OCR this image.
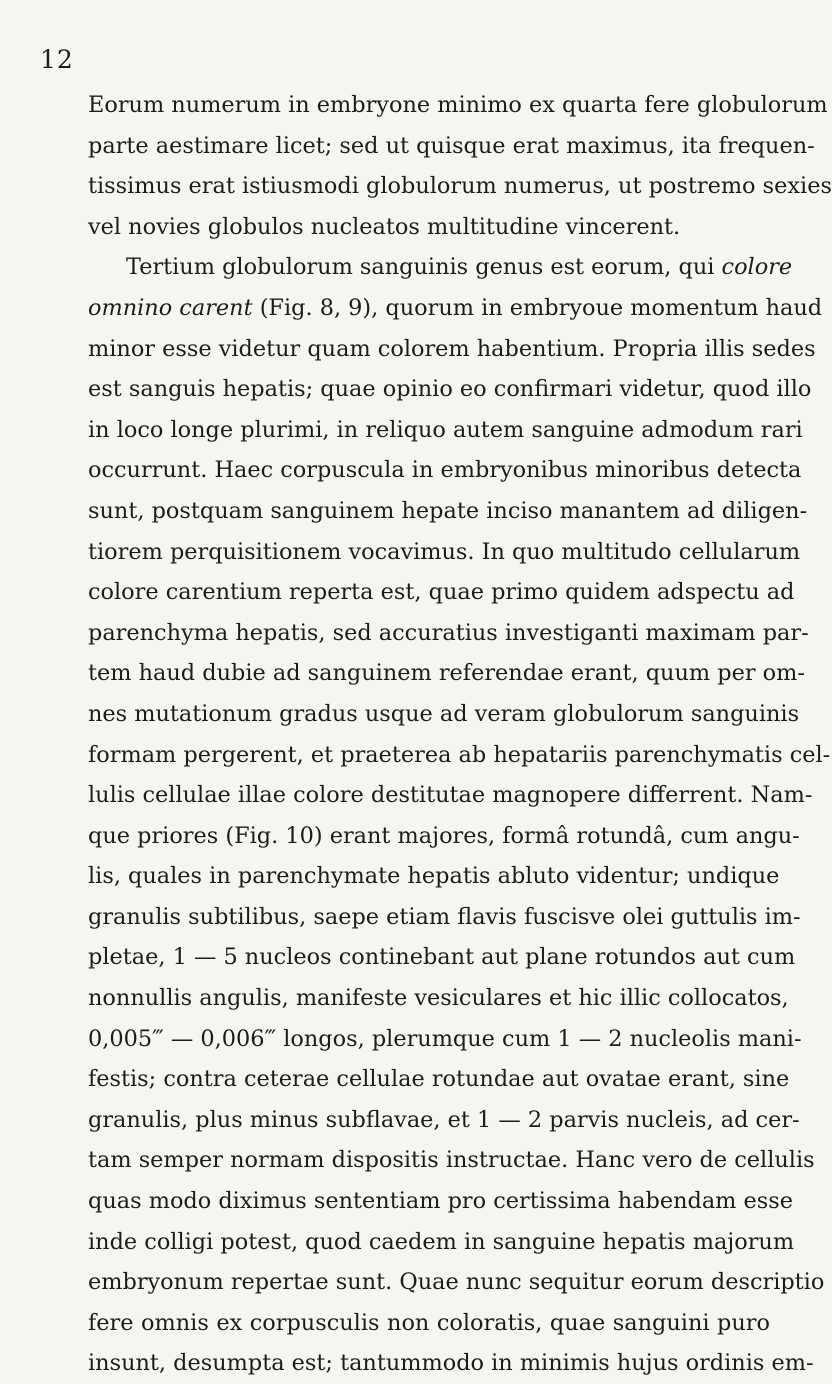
12
Eorum numerum in embryone minimo ex quarta fere globulorum
parte aestimare licet; sed ut quisque erat maximus, ita frequen-
tissimus erat istiusmodi globulorum numerus, ut postremo sexies
vel novies globulos nucleatos multitudine vincerent.
Tertium globulorum sanguinis genus est eorum, qui colore
omnino carent (Fig. 8, 9), quorum in embryoue momentum haud
minor esse videtur quam colorem habentium. Propria illis sedes
est sanguis hepatis; quae opinio eo confirmari videtur, quod illo
in loco longe plurimi, in reliquo autem sanguine admodum rari
occurrunt. Haec corpuscula in embryonibus minoribus detecta
sunt, postquam sanguinem hepate inciso manantem ad diligen-
tiorem perquisitionem vocavimus. In quo multitudo cellularum
colore carentium reperta est, quae primo quidem adspectu ad
parenchyma hepatis, sed accuratius investiganti maximam par-
tem haud dubie ad sanguinem referendae erant, quum per om-
nes mutationum gradus usque ad veram globulorum sanguinis
formam pergerent, et praeterea ab hepatariis parenchymatis cel-
lulis cellulae illae colore destitutae magnopere differrent. Nam-
que priores (Fig. 10) erant majores, formâ rotundâ, cum angu-
lis, quales in parenchymate hepatis abluto videntur; undique
granulis subtilibus, saepe etiam flavis fuscisve olei guttulis im-
pletae, 1 — 5 nucleos continebant aut plane rotundos aut cum
nonnullis angulis, manifeste vesiculares et hic illic collocatos,
0,005‴ — 0,006‴ longos, plerumque cum 1 — 2 nucleolis mani-
festis; contra ceterae cellulae rotundae aut ovatae erant, sine
granulis, plus minus subflavae, et 1 — 2 parvis nucleis, ad cer-
tam semper normam dispositis instructae. Hanc vero de cellulis
quas modo diximus sententiam pro certissima habendam esse
inde colligi potest, quod caedem in sanguine hepatis majorum
embryonum repertae sunt. Quae nunc sequitur eorum descriptio
fere omnis ex corpusculis non coloratis, quae sanguini puro
insunt, desumpta est; tantummodo in minimis hujus ordinis em-
